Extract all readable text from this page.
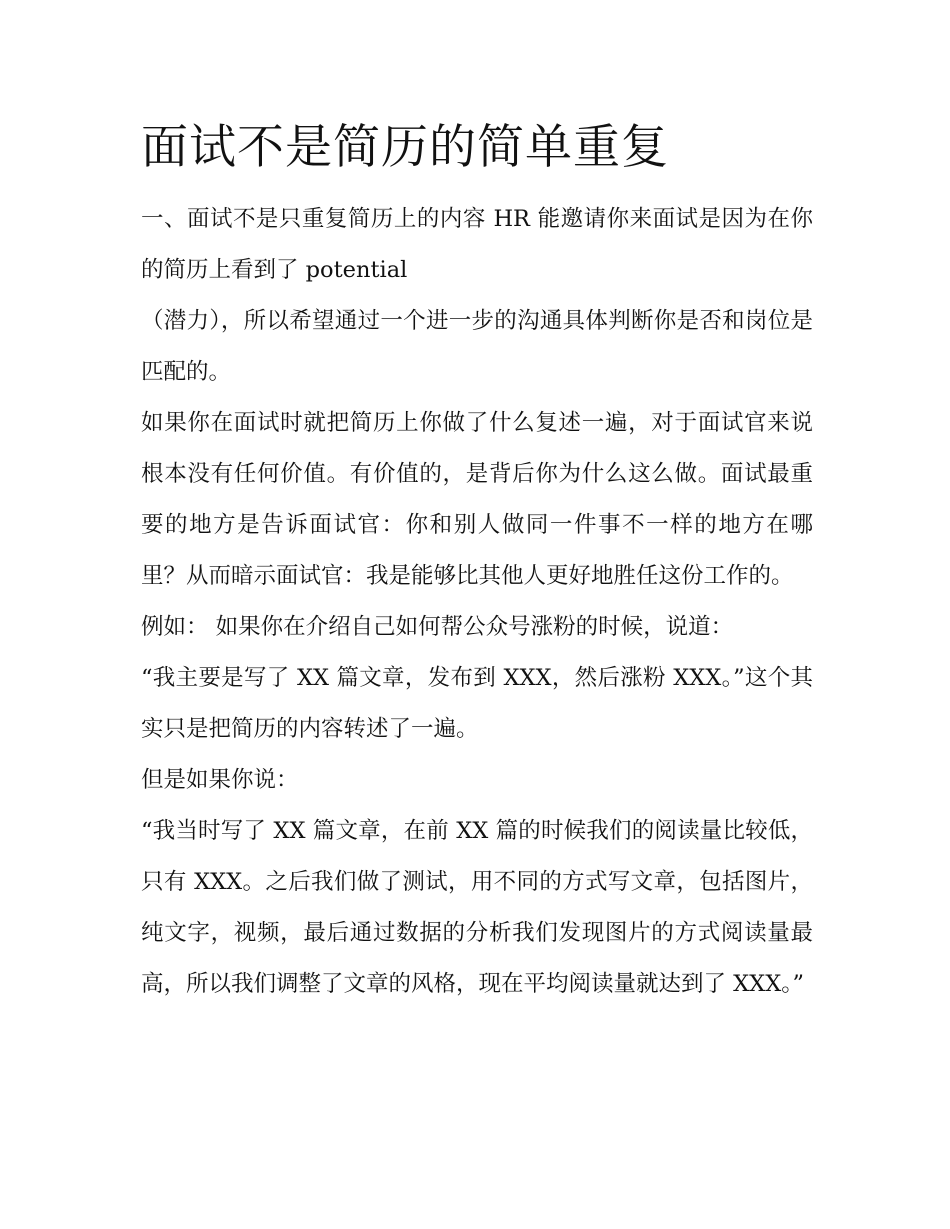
面试不是简历的简单重复

一、面试不是只重复简历上的内容 HR 能邀请你来面试是因为在你的简历上看到了 potential

（潜力），所以希望通过一个进一步的沟通具体判断你是否和岗位是匹配的。

如果你在面试时就把简历上你做了什么复述一遍，对于面试官来说根本没有任何价值。有价值的，是背后你为什么这么做。面试最重要的地方是告诉面试官：你和别人做同一件事不一样的地方在哪里？从而暗示面试官：我是能够比其他人更好地胜任这份工作的。

例如： 如果你在介绍自己如何帮公众号涨粉的时候，说道：

“我主要是写了 XX 篇文章，发布到 XXX，然后涨粉 XXX。”这个其实只是把简历的内容转述了一遍。

但是如果你说：

“我当时写了 XX 篇文章，在前 XX 篇的时候我们的阅读量比较低，只有 XXX。之后我们做了测试，用不同的方式写文章，包括图片，纯文字，视频，最后通过数据的分析我们发现图片的方式阅读量最高，所以我们调整了文章的风格，现在平均阅读量就达到了 XXX。”
